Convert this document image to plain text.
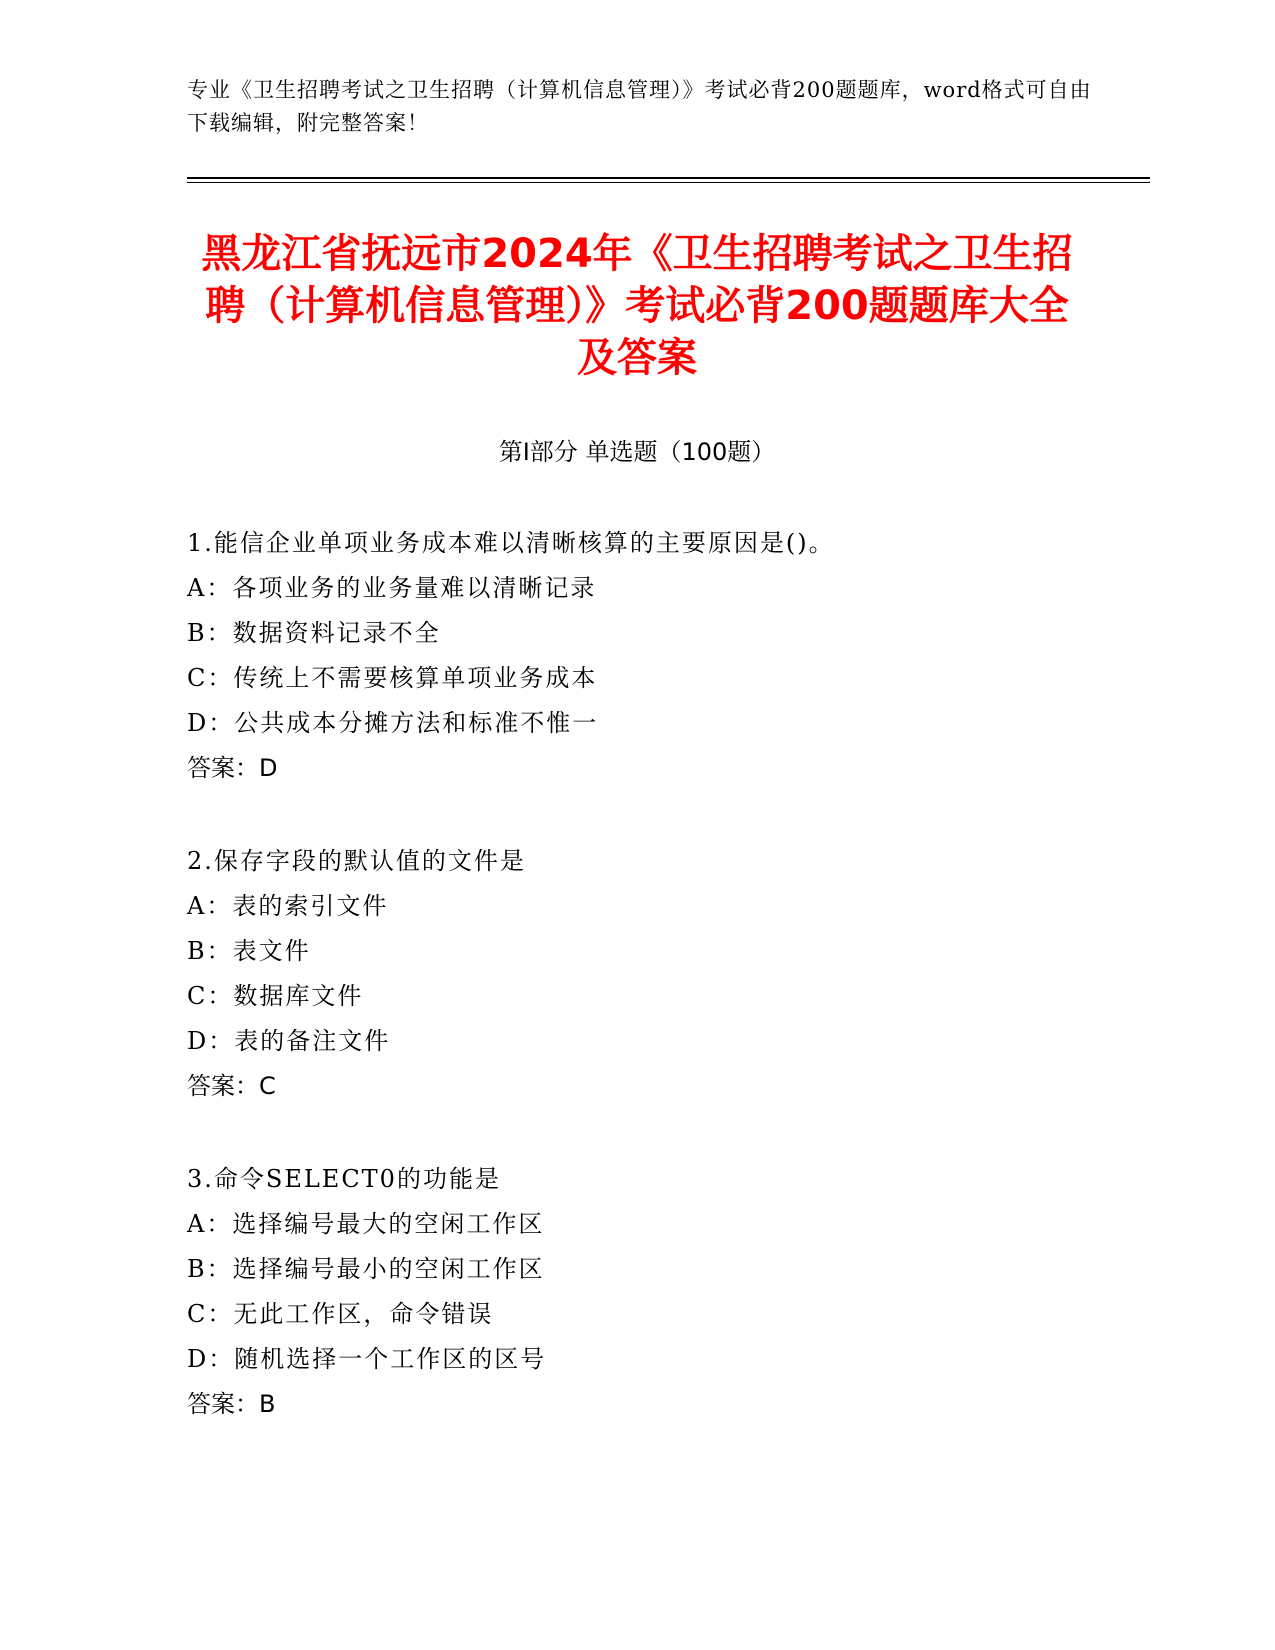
专业《卫生招聘考试之卫生招聘（计算机信息管理）》考试必背200题题库，word格式可自由下载编辑，附完整答案！
黑龙江省抚远市2024年《卫生招聘考试之卫生招聘（计算机信息管理）》考试必背200题题库大全及答案
第Ⅰ部分 单选题（100题）
1.能信企业单项业务成本难以清晰核算的主要原因是()。
A：各项业务的业务量难以清晰记录
B：数据资料记录不全
C：传统上不需要核算单项业务成本
D：公共成本分摊方法和标准不惟一
答案：D
2.保存字段的默认值的文件是
A：表的索引文件
B：表文件
C：数据库文件
D：表的备注文件
答案：C
3.命令SELECT0的功能是
A：选择编号最大的空闲工作区
B：选择编号最小的空闲工作区
C：无此工作区，命令错误
D：随机选择一个工作区的区号
答案：B
